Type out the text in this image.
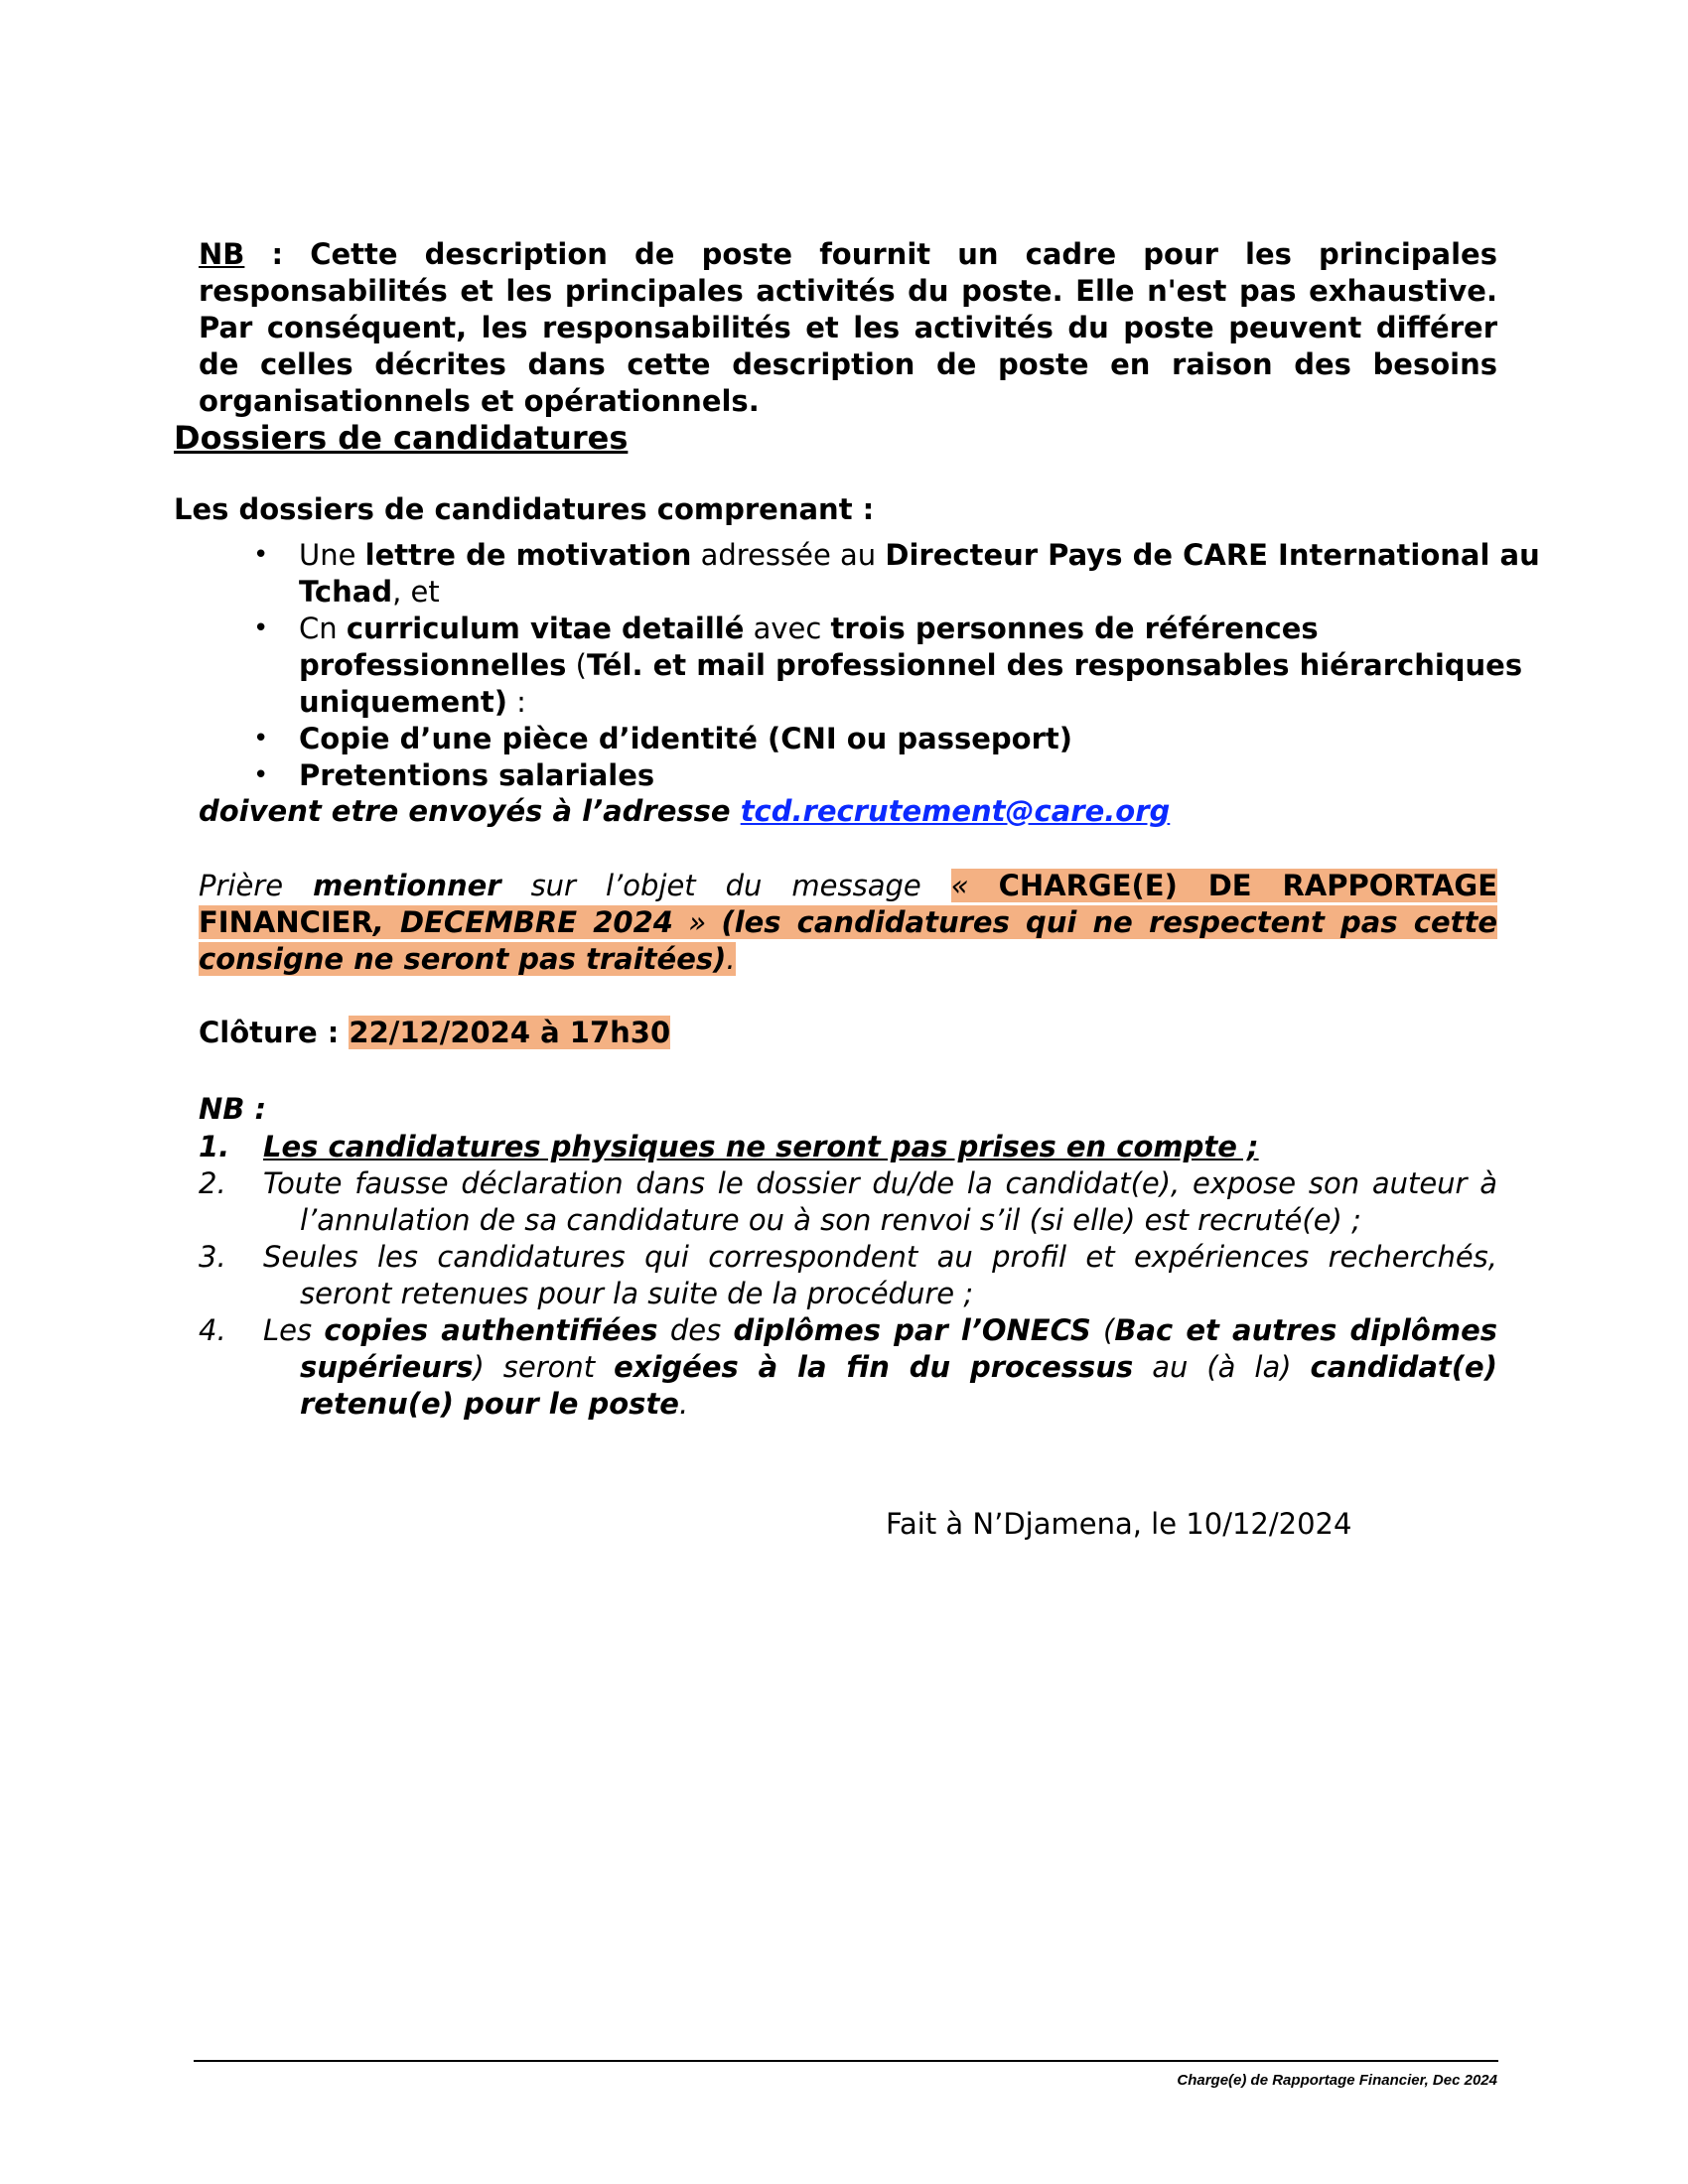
NB : Cette description de poste fournit un cadre pour les principales responsabilités et les principales activités du poste. Elle n'est pas exhaustive. Par conséquent, les responsabilités et les activités du poste peuvent différer de celles décrites dans cette description de poste en raison des besoins organisationnels et opérationnels.

Dossiers de candidatures
Les dossiers de candidatures comprenant :
• Une lettre de motivation adressée au Directeur Pays de CARE International au Tchad, et
• Cn curriculum vitae detaillé avec trois personnes de références professionnelles (Tél. et mail professionnel des responsables hiérarchiques uniquement) :
• Copie d’une pièce d’identité (CNI ou passeport)
• Pretentions salariales
doivent etre envoyés à l’adresse tcd.recrutement@care.org

Prière mentionner sur l’objet du message « CHARGE(E) DE RAPPORTAGE FINANCIER, DECEMBRE 2024 » (les candidatures qui ne respectent pas cette consigne ne seront pas traitées).

Clôture : 22/12/2024 à 17h30
NB :
1. Les candidatures physiques ne seront pas prises en compte ;
2. Toute fausse déclaration dans le dossier du/de la candidat(e), expose son auteur à l’annulation de sa candidature ou à son renvoi s’il (si elle) est recruté(e) ;
3. Seules les candidatures qui correspondent au profil et expériences recherchés, seront retenues pour la suite de la procédure ;
4. Les copies authentifiées des diplômes par l’ONECS (Bac et autres diplômes supérieurs) seront exigées à la fin du processus au (à la) candidat(e) retenu(e) pour le poste.
Fait à N’Djamena, le 10/12/2024
Charge(e) de Rapportage Financier, Dec 2024
